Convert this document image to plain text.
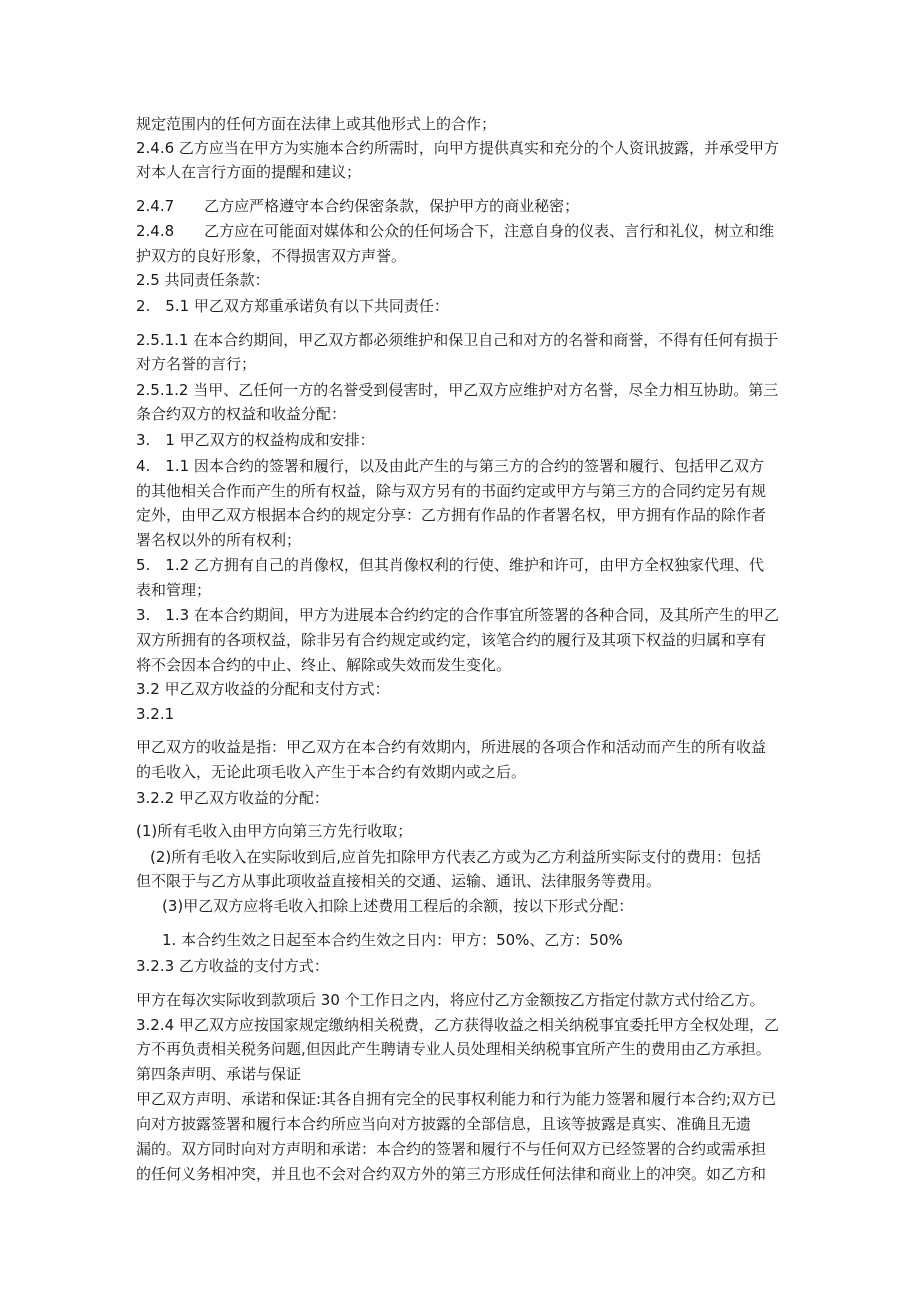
规定范围内的任何方面在法律上或其他形式上的合作；
2.4.6 乙方应当在甲方为实施本合约所需时，向甲方提供真实和充分的个人资讯披露，并承受甲方
对本人在言行方面的提醒和建议；
2.4.7　　乙方应严格遵守本合约保密条款，保护甲方的商业秘密；
2.4.8　　乙方应在可能面对媒体和公众的任何场合下，注意自身的仪表、言行和礼仪，树立和维
护双方的良好形象，不得损害双方声誉。
2.5 共同责任条款：
2.　5.1 甲乙双方郑重承诺负有以下共同责任：
2.5.1.1 在本合约期间，甲乙双方都必须维护和保卫自己和对方的名誉和商誉，不得有任何有损于
对方名誉的言行；
2.5.1.2 当甲、乙任何一方的名誉受到侵害时，甲乙双方应维护对方名誉，尽全力相互协助。第三
条合约双方的权益和收益分配：
3.　1 甲乙双方的权益构成和安排：
4.　1.1 因本合约的签署和履行，以及由此产生的与第三方的合约的签署和履行、包括甲乙双方
的其他相关合作而产生的所有权益，除与双方另有的书面约定或甲方与第三方的合同约定另有规
定外，由甲乙双方根据本合约的规定分享：乙方拥有作品的作者署名权，甲方拥有作品的除作者
署名权以外的所有权利；
5.　1.2 乙方拥有自己的肖像权，但其肖像权利的行使、维护和许可，由甲方全权独家代理、代
表和管理；
3.　1.3 在本合约期间，甲方为进展本合约约定的合作事宜所签署的各种合同，及其所产生的甲乙
双方所拥有的各项权益，除非另有合约规定或约定，该笔合约的履行及其项下权益的归属和享有
将不会因本合约的中止、终止、解除或失效而发生变化。
3.2 甲乙双方收益的分配和支付方式：
3.2.1
甲乙双方的收益是指：甲乙双方在本合约有效期内，所进展的各项合作和活动而产生的所有收益
的毛收入，无论此项毛收入产生于本合约有效期内或之后。
3.2.2 甲乙双方收益的分配：
(1)所有毛收入由甲方向第三方先行收取；
(2)所有毛收入在实际收到后,应首先扣除甲方代表乙方或为乙方利益所实际支付的费用：包括
但不限于与乙方从事此项收益直接相关的交通、运输、通讯、法律服务等费用。
(3)甲乙双方应将毛收入扣除上述费用工程后的余额，按以下形式分配：
1. 本合约生效之日起至本合约生效之日内：甲方：50%、乙方：50%
3.2.3 乙方收益的支付方式：
甲方在每次实际收到款项后 30 个工作日之内，将应付乙方金额按乙方指定付款方式付给乙方。
3.2.4 甲乙双方应按国家规定缴纳相关税费，乙方获得收益之相关纳税事宜委托甲方全权处理，乙
方不再负责相关税务问题,但因此产生聘请专业人员处理相关纳税事宜所产生的费用由乙方承担。
第四条声明、承诺与保证
甲乙双方声明、承诺和保证:其各自拥有完全的民事权利能力和行为能力签署和履行本合约;双方已
向对方披露签署和履行本合约所应当向对方披露的全部信息，且该等披露是真实、准确且无遗
漏的。双方同时向对方声明和承诺：本合约的签署和履行不与任何双方已经签署的合约或需承担
的任何义务相冲突，并且也不会对合约双方外的第三方形成任何法律和商业上的冲突。如乙方和
